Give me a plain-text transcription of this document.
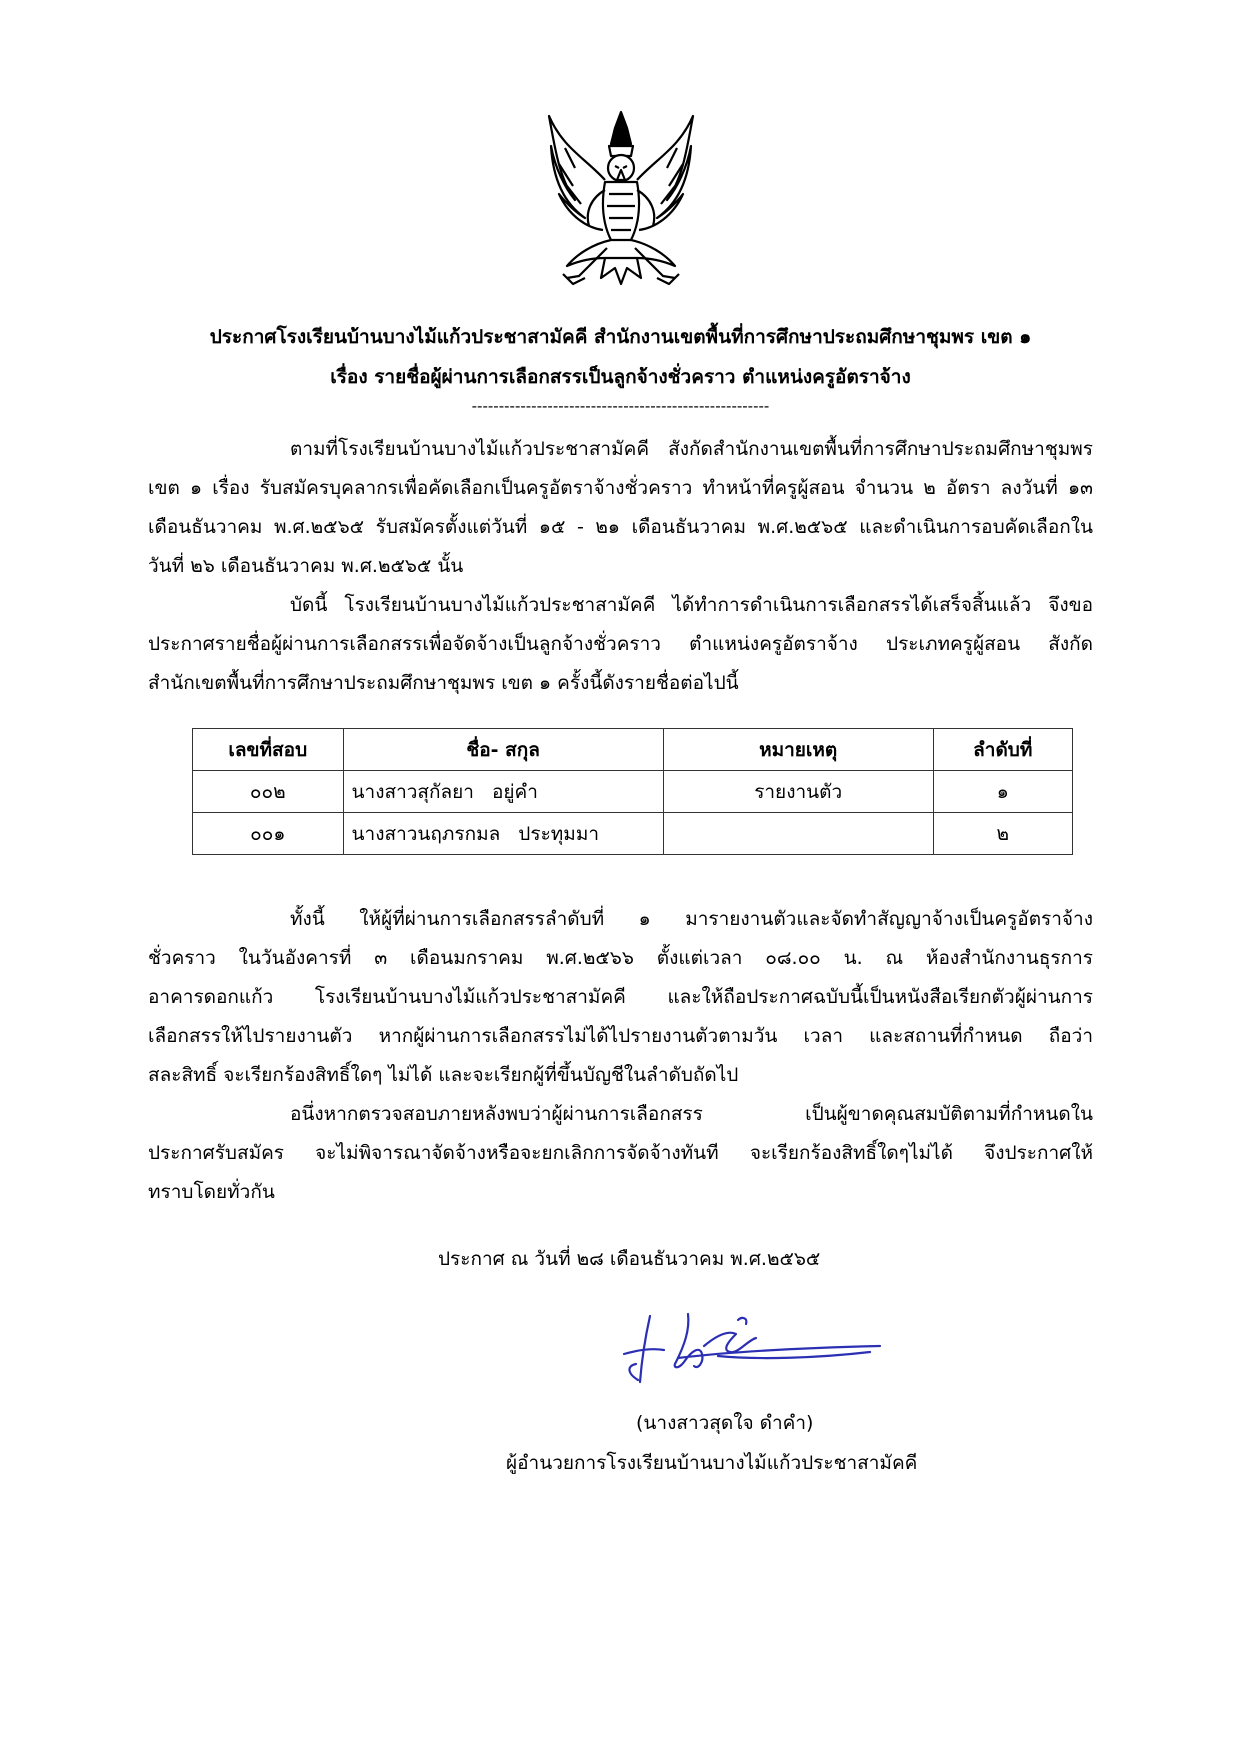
ประกาศโรงเรียนบ้านบางไม้แก้วประชาสามัคคี สำนักงานเขตพื้นที่การศึกษาประถมศึกษาชุมพร เขต ๑
เรื่อง รายชื่อผู้ผ่านการเลือกสรรเป็นลูกจ้างชั่วคราว ตำแหน่งครูอัตราจ้าง
-------------------------------------------------------
ตามที่โรงเรียนบ้านบางไม้แก้วประชาสามัคคี สังกัดสำนักงานเขตพื้นที่การศึกษาประถมศึกษาชุมพร
เขต ๑ เรื่อง รับสมัครบุคลากรเพื่อคัดเลือกเป็นครูอัตราจ้างชั่วคราว ทำหน้าที่ครูผู้สอน จำนวน ๒ อัตรา ลงวันที่ ๑๓
เดือนธันวาคม พ.ศ.๒๕๖๕ รับสมัครตั้งแต่วันที่ ๑๕ - ๒๑ เดือนธันวาคม พ.ศ.๒๕๖๕ และดำเนินการอบคัดเลือกใน
วันที่ ๒๖ เดือนธันวาคม พ.ศ.๒๕๖๕ นั้น
บัดนี้ โรงเรียนบ้านบางไม้แก้วประชาสามัคคี ได้ทำการดำเนินการเลือกสรรได้เสร็จสิ้นแล้ว จึงขอ
ประกาศรายชื่อผู้ผ่านการเลือกสรรเพื่อจัดจ้างเป็นลูกจ้างชั่วคราว ตำแหน่งครูอัตราจ้าง ประเภทครูผู้สอน สังกัด
สำนักเขตพื้นที่การศึกษาประถมศึกษาชุมพร เขต ๑ ครั้งนี้ดังรายชื่อต่อไปนี้
เลขที่สอบ	ชื่อ- สกุล	หมายเหตุ	ลำดับที่
๐๐๒	นางสาวสุกัลยา อยู่คำ	รายงานตัว	๑
๐๐๑	นางสาวนฤภรกมล ประทุมมา		๒
ทั้งนี้ ให้ผู้ที่ผ่านการเลือกสรรลำดับที่ ๑ มารายงานตัวและจัดทำสัญญาจ้างเป็นครูอัตราจ้าง
ชั่วคราว ในวันอังคารที่ ๓ เดือนมกราคม พ.ศ.๒๕๖๖ ตั้งแต่เวลา ๐๘.๐๐ น. ณ ห้องสำนักงานธุรการ
อาคารดอกแก้ว โรงเรียนบ้านบางไม้แก้วประชาสามัคคี และให้ถือประกาศฉบับนี้เป็นหนังสือเรียกตัวผู้ผ่านการ
เลือกสรรให้ไปรายงานตัว หากผู้ผ่านการเลือกสรรไม่ได้ไปรายงานตัวตามวัน เวลา และสถานที่กำหนด ถือว่า
สละสิทธิ์ จะเรียกร้องสิทธิ์ใดๆ ไม่ได้ และจะเรียกผู้ที่ขึ้นบัญชีในลำดับถัดไป
อนึ่งหากตรวจสอบภายหลังพบว่าผู้ผ่านการเลือกสรร เป็นผู้ขาดคุณสมบัติตามที่กำหนดใน
ประกาศรับสมัคร จะไม่พิจารณาจัดจ้างหรือจะยกเลิกการจัดจ้างทันที จะเรียกร้องสิทธิ์ใดๆไม่ได้ จึงประกาศให้
ทราบโดยทั่วกัน
ประกาศ ณ วันที่ ๒๘ เดือนธันวาคม พ.ศ.๒๕๖๕
(นางสาวสุดใจ ดำคำ)
ผู้อำนวยการโรงเรียนบ้านบางไม้แก้วประชาสามัคคี
